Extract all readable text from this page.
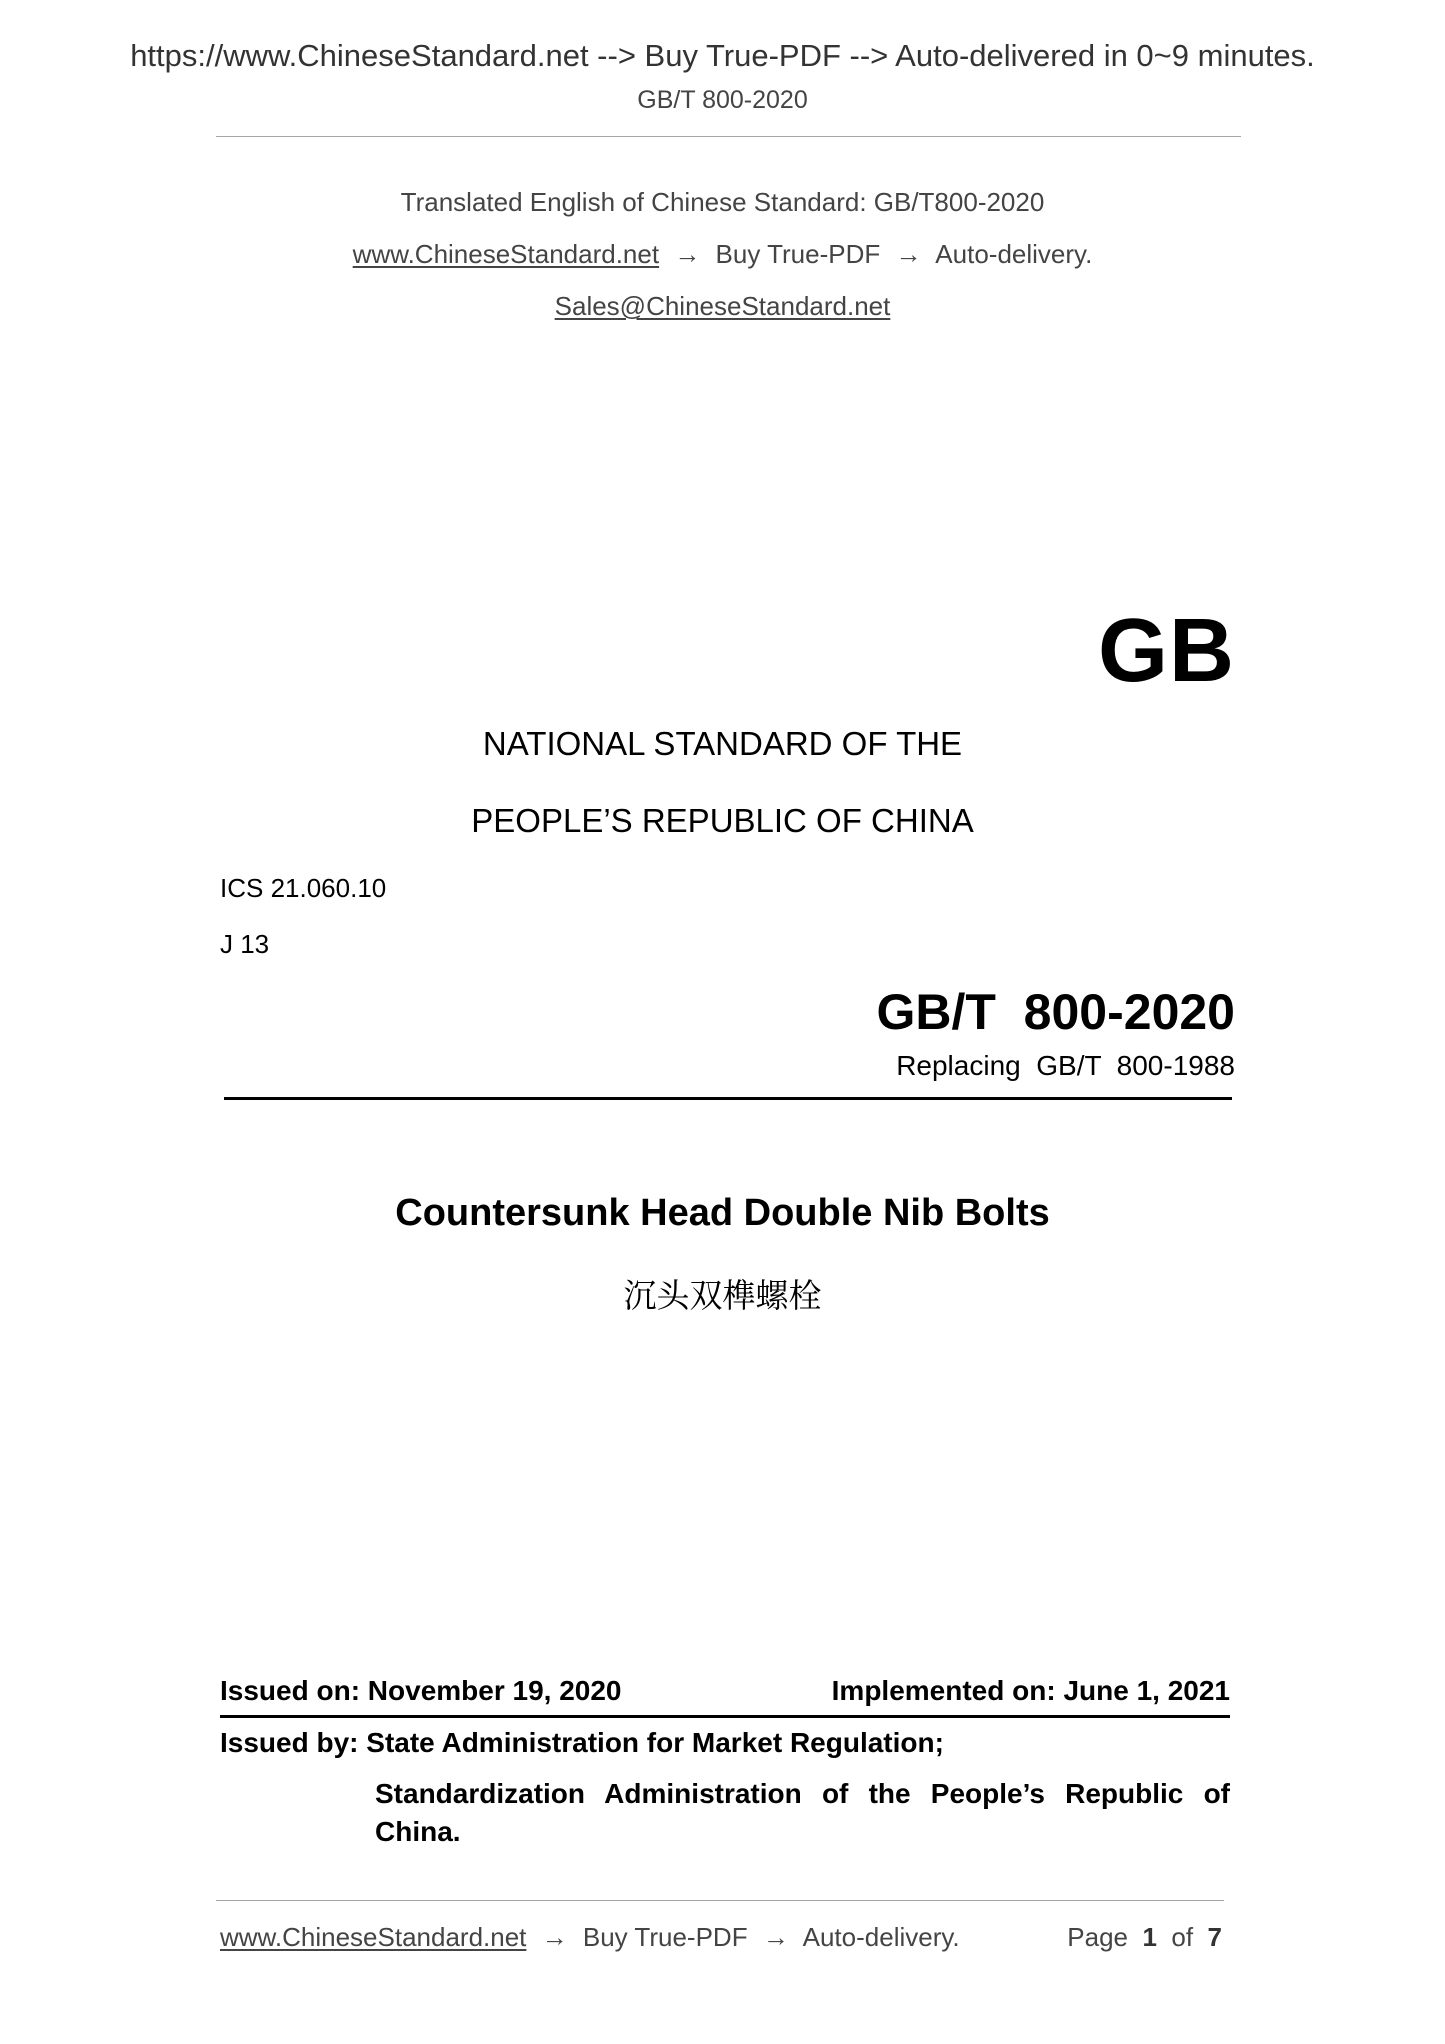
https://www.ChineseStandard.net --> Buy True-PDF --> Auto-delivered in 0~9 minutes.
GB/T 800-2020
Translated English of Chinese Standard: GB/T800-2020
www.ChineseStandard.net → Buy True-PDF → Auto-delivery.
Sales@ChineseStandard.net
GB
NATIONAL STANDARD OF THE
PEOPLE’S REPUBLIC OF CHINA
ICS 21.060.10
J 13
GB/T  800-2020
Replacing  GB/T  800-1988
Countersunk Head Double Nib Bolts
沉头双榫螺栓
Issued on: November 19, 2020	Implemented on: June 1, 2021
Issued by: State Administration for Market Regulation;
Standardization Administration of the People’s Republic of
China.
www.ChineseStandard.net → Buy True-PDF → Auto-delivery.	Page 1 of 7
